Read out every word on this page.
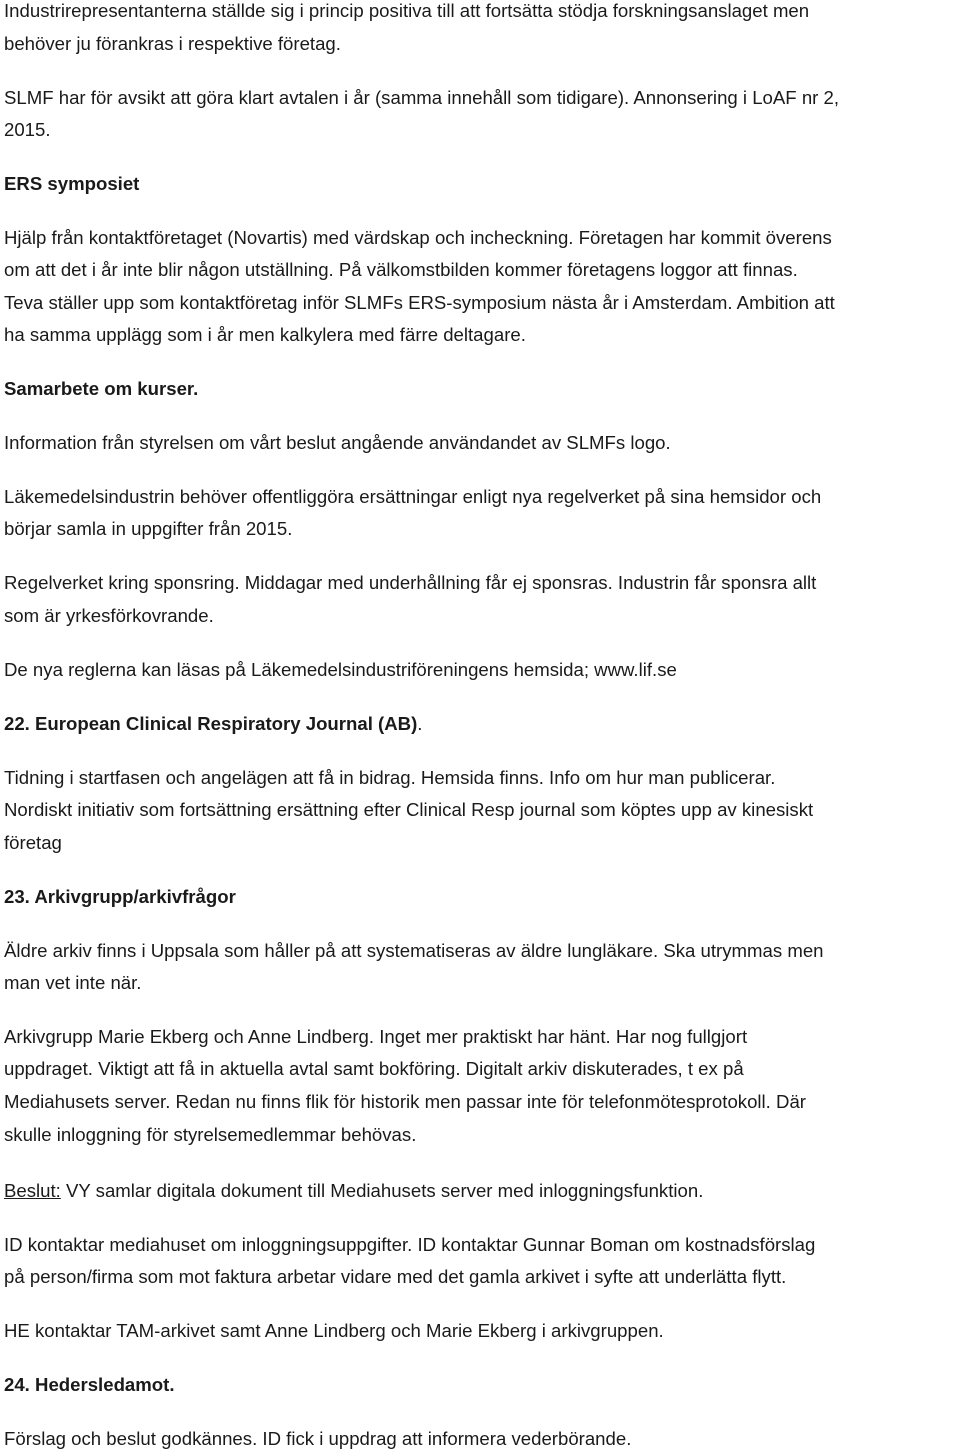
Industrirepresentanterna ställde sig i princip positiva till att fortsätta stödja forskningsanslaget men
behöver ju förankras i respektive företag.
SLMF har för avsikt att göra klart avtalen i år (samma innehåll som tidigare). Annonsering i LoAF nr 2,
2015.
ERS symposiet
Hjälp från kontaktföretaget (Novartis) med värdskap och incheckning. Företagen har kommit överens
om att det i år inte blir någon utställning. På välkomstbilden kommer företagens loggor att finnas.
Teva ställer upp som kontaktföretag inför SLMFs ERS-symposium nästa år i Amsterdam. Ambition att
ha samma upplägg som i år men kalkylera med färre deltagare.
Samarbete om kurser.
Information från styrelsen om vårt beslut angående användandet av SLMFs logo.
Läkemedelsindustrin behöver offentliggöra ersättningar enligt nya regelverket på sina hemsidor och
börjar samla in uppgifter från 2015.
Regelverket kring sponsring. Middagar med underhållning får ej sponsras. Industrin får sponsra allt
som är yrkesförkovrande.
De nya reglerna kan läsas på Läkemedelsindustriföreningens hemsida; www.lif.se
22. European Clinical Respiratory Journal (AB).
Tidning i startfasen och angelägen att få in bidrag. Hemsida finns. Info om hur man publicerar.
Nordiskt initiativ som fortsättning ersättning efter Clinical Resp journal som köptes upp av kinesiskt
företag
23. Arkivgrupp/arkivfrågor
Äldre arkiv finns i Uppsala som håller på att systematiseras av äldre lungläkare. Ska utrymmas men
man vet inte när.
Arkivgrupp Marie Ekberg och Anne Lindberg. Inget mer praktiskt har hänt. Har nog fullgjort
uppdraget. Viktigt att få in aktuella avtal samt bokföring. Digitalt arkiv diskuterades, t ex på
Mediahusets server. Redan nu finns flik för historik men passar inte för telefonmötesprotokoll. Där
skulle inloggning för styrelsemedlemmar behövas.
Beslut: VY samlar digitala dokument till Mediahusets server med inloggningsfunktion.
ID kontaktar mediahuset om inloggningsuppgifter. ID kontaktar Gunnar Boman om kostnadsförslag
på person/firma som mot faktura arbetar vidare med det gamla arkivet i syfte att underlätta flytt.
HE kontaktar TAM-arkivet samt Anne Lindberg och Marie Ekberg i arkivgruppen.
24. Hedersledamot.
Förslag och beslut godkännes. ID fick i uppdrag att informera vederbörande.
